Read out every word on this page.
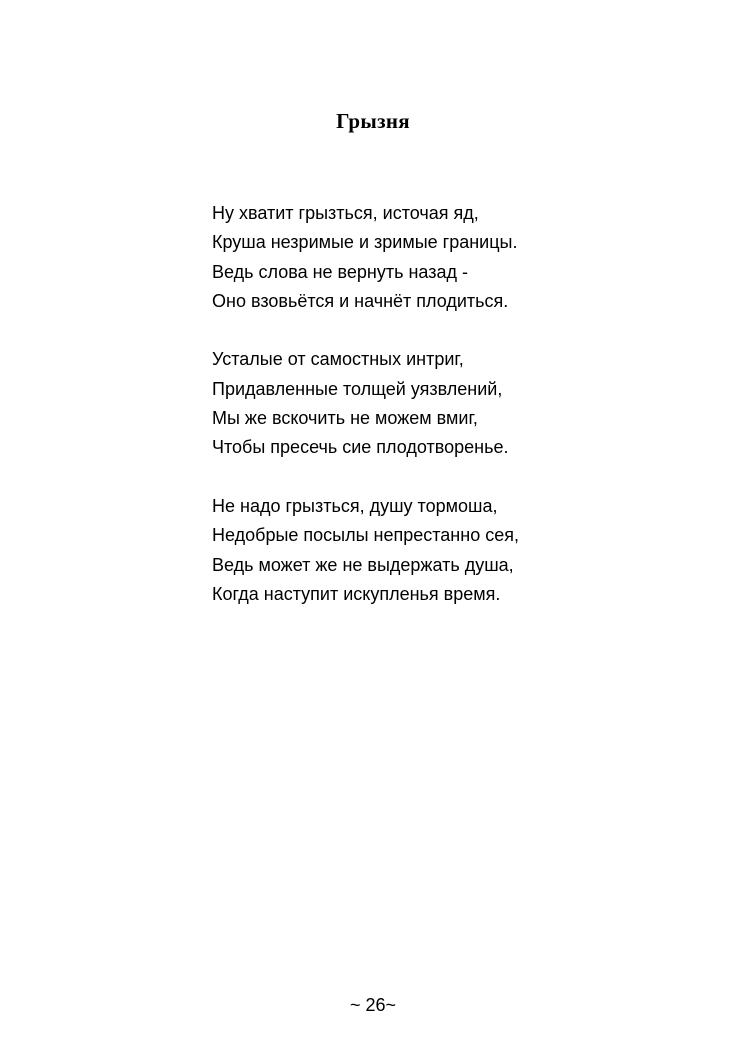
Грызня
Ну хватит грызться, источая яд,
Круша незримые и зримые границы.
Ведь слова не вернуть назад -
Оно взовьётся и начнёт плодиться.
Усталые от самостных интриг,
Придавленные толщей уязвлений,
Мы же вскочить не можем вмиг,
Чтобы пресечь сие плодотворенье.
Не надо грызться, душу тормоша,
Недобрые посылы непрестанно сея,
Ведь может же не выдержать душа,
Когда наступит искупленья время.
~ 26~
